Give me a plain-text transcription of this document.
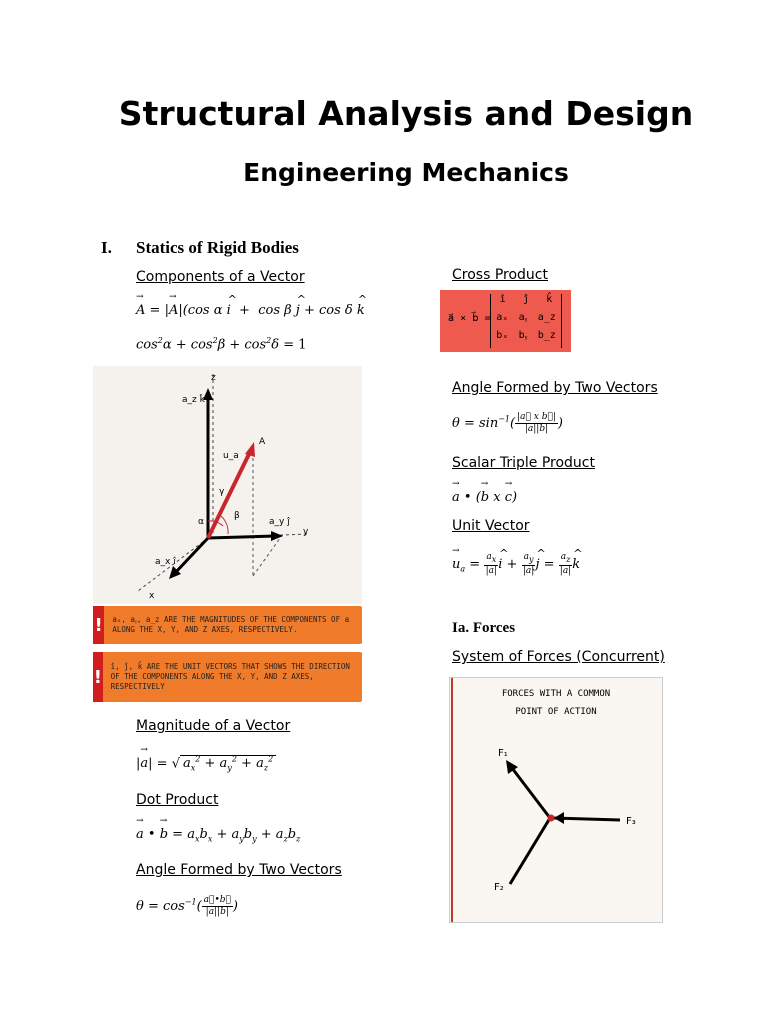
Structural Analysis and Design
Engineering Mechanics
I. Statics of Rigid Bodies
Components of a Vector
→ A = |→ A|(cos α ^ i  +  cos β ^ j + cos δ ^ k
$\cos^2\alpha + \cos^2\beta + \cos^2\delta = 1$
z
y
x
a_z k̂
a_y ĵ
a_x î
u_a
A
α
β
γ
!	aₓ, aᵧ, a_z ARE THE MAGNITUDES OF THE COMPONENTS OF a ALONG THE X, Y, AND Z AXES, RESPECTIVELY.
!	î, ĵ, k̂ ARE THE UNIT VECTORS THAT SHOWS THE DIRECTION OF THE COMPONENTS ALONG THE X, Y, AND Z AXES, RESPECTIVELY
Magnitude of a Vector
|→ a| = √ $a_x^2 + a_y^2 + a_z^2$
Dot Product
→ a • → $b = a_xb_x + a_yb_y + a_zb_z$
Angle Formed by Two Vectors
$\theta = \cos^{-1}( \frac{a⃗•b⃗}{|a||b|}$ )
Cross Product
a⃗ × b⃗ =
î ĵ k̂
aₓ aᵧ a_z
bₓ bᵧ b_z
Angle Formed by Two Vectors
$\theta = \sin^{-1}( \frac{\text{|a⃗ x b⃗|}}{|a||b|}$ )
Scalar Triple Product
→ a • (→ b x → c)
Unit Vector
→ $u_a = \frac{a_x}{|a|}$ ^ $i + \frac{a_y}{|a|}$ ^ $j = \frac{a_z}{|a|}$ ^ k
Ia. Forces
System of Forces (Concurrent)
FORCES WITH A COMMON
POINT OF ACTION
F₁
F₂
F₃
